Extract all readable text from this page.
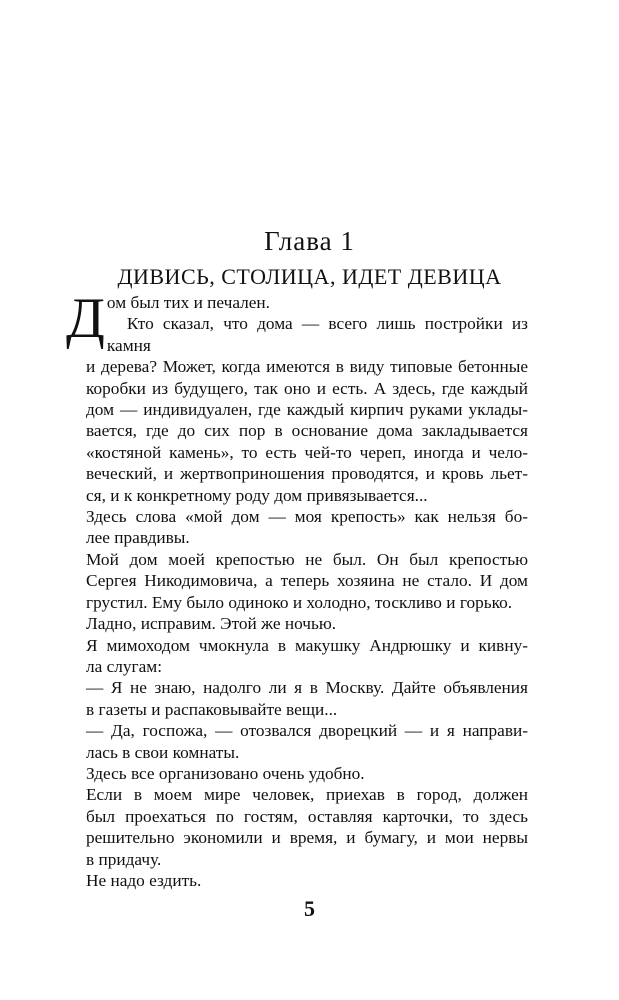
Глава 1
ДИВИСЬ, СТОЛИЦА, ИДЕТ ДЕВИЦА

Д ом был тих и печален.

Кто сказал, что дома — всего лишь постройки из камня
и дерева? Может, когда имеются в виду типовые бетонные
коробки из будущего, так оно и есть. А здесь, где каждый
дом — индивидуален, где каждый кирпич руками уклады-
вается, где до сих пор в основание дома закладывается
«костяной камень», то есть чей-то череп, иногда и чело-
веческий, и жертвоприношения проводятся, и кровь льет-
ся, и к конкретному роду дом привязывается...

Здесь слова «мой дом — моя крепость» как нельзя бо-
лее правдивы.

Мой дом моей крепостью не был. Он был крепостью
Сергея Никодимовича, а теперь хозяина не стало. И дом
грустил. Ему было одиноко и холодно, тоскливо и горько.

Ладно, исправим. Этой же ночью.

Я мимоходом чмокнула в макушку Андрюшку и кивну-
ла слугам:

— Я не знаю, надолго ли я в Москву. Дайте объявления
в газеты и распаковывайте вещи...

— Да, госпожа, — отозвался дворецкий — и я направи-
лась в свои комнаты.

Здесь все организовано очень удобно.

Если в моем мире человек, приехав в город, должен
был проехаться по гостям, оставляя карточки, то здесь
решительно экономили и время, и бумагу, и мои нервы
в придачу.

Не надо ездить.

5
